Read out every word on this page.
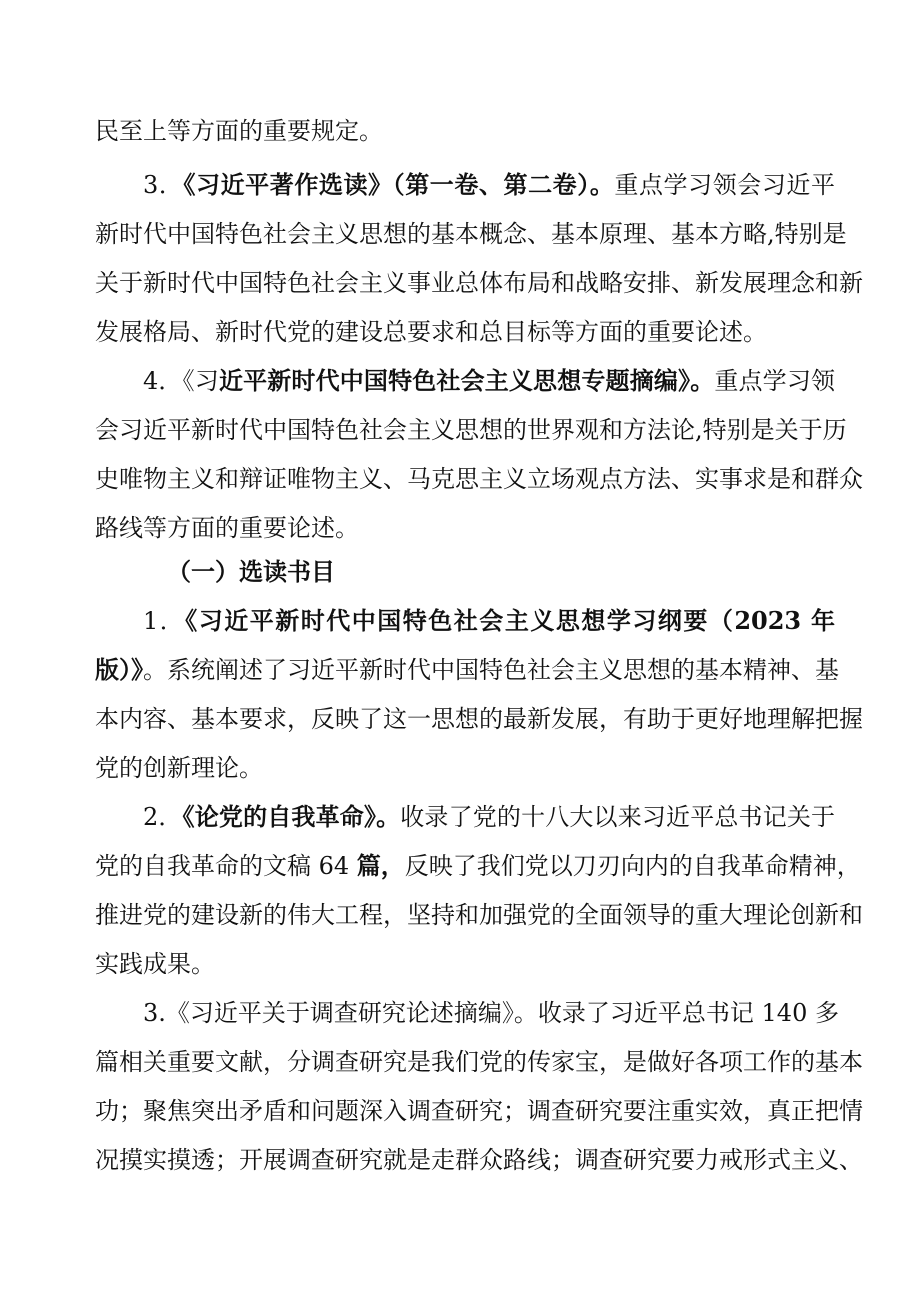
民至上等方面的重要规定。
3．《习近平著作选读》（第一卷、第二卷）。重点学习领会习近平
新时代中国特色社会主义思想的基本概念、基本原理、基本方略,特别是
关于新时代中国特色社会主义事业总体布局和战略安排、新发展理念和新
发展格局、新时代党的建设总要求和总目标等方面的重要论述。
4．《习近平新时代中国特色社会主义思想专题摘编》。重点学习领
会习近平新时代中国特色社会主义思想的世界观和方法论,特别是关于历
史唯物主义和辩证唯物主义、马克思主义立场观点方法、实事求是和群众
路线等方面的重要论述。
（一）选读书目
1．《习近平新时代中国特色社会主义思想学习纲要（2023 年
版）》。系统阐述了习近平新时代中国特色社会主义思想的基本精神、基
本内容、基本要求，反映了这一思想的最新发展，有助于更好地理解把握
党的创新理论。
2．《论党的自我革命》。收录了党的十八大以来习近平总书记关于
党的自我革命的文稿 64 篇，反映了我们党以刀刃向内的自我革命精神，
推进党的建设新的伟大工程，坚持和加强党的全面领导的重大理论创新和
实践成果。
3.《习近平关于调查研究论述摘编》。收录了习近平总书记 140 多
篇相关重要文献，分调查研究是我们党的传家宝，是做好各项工作的基本
功；聚焦突出矛盾和问题深入调查研究；调查研究要注重实效，真正把情
况摸实摸透；开展调查研究就是走群众路线；调查研究要力戒形式主义、
